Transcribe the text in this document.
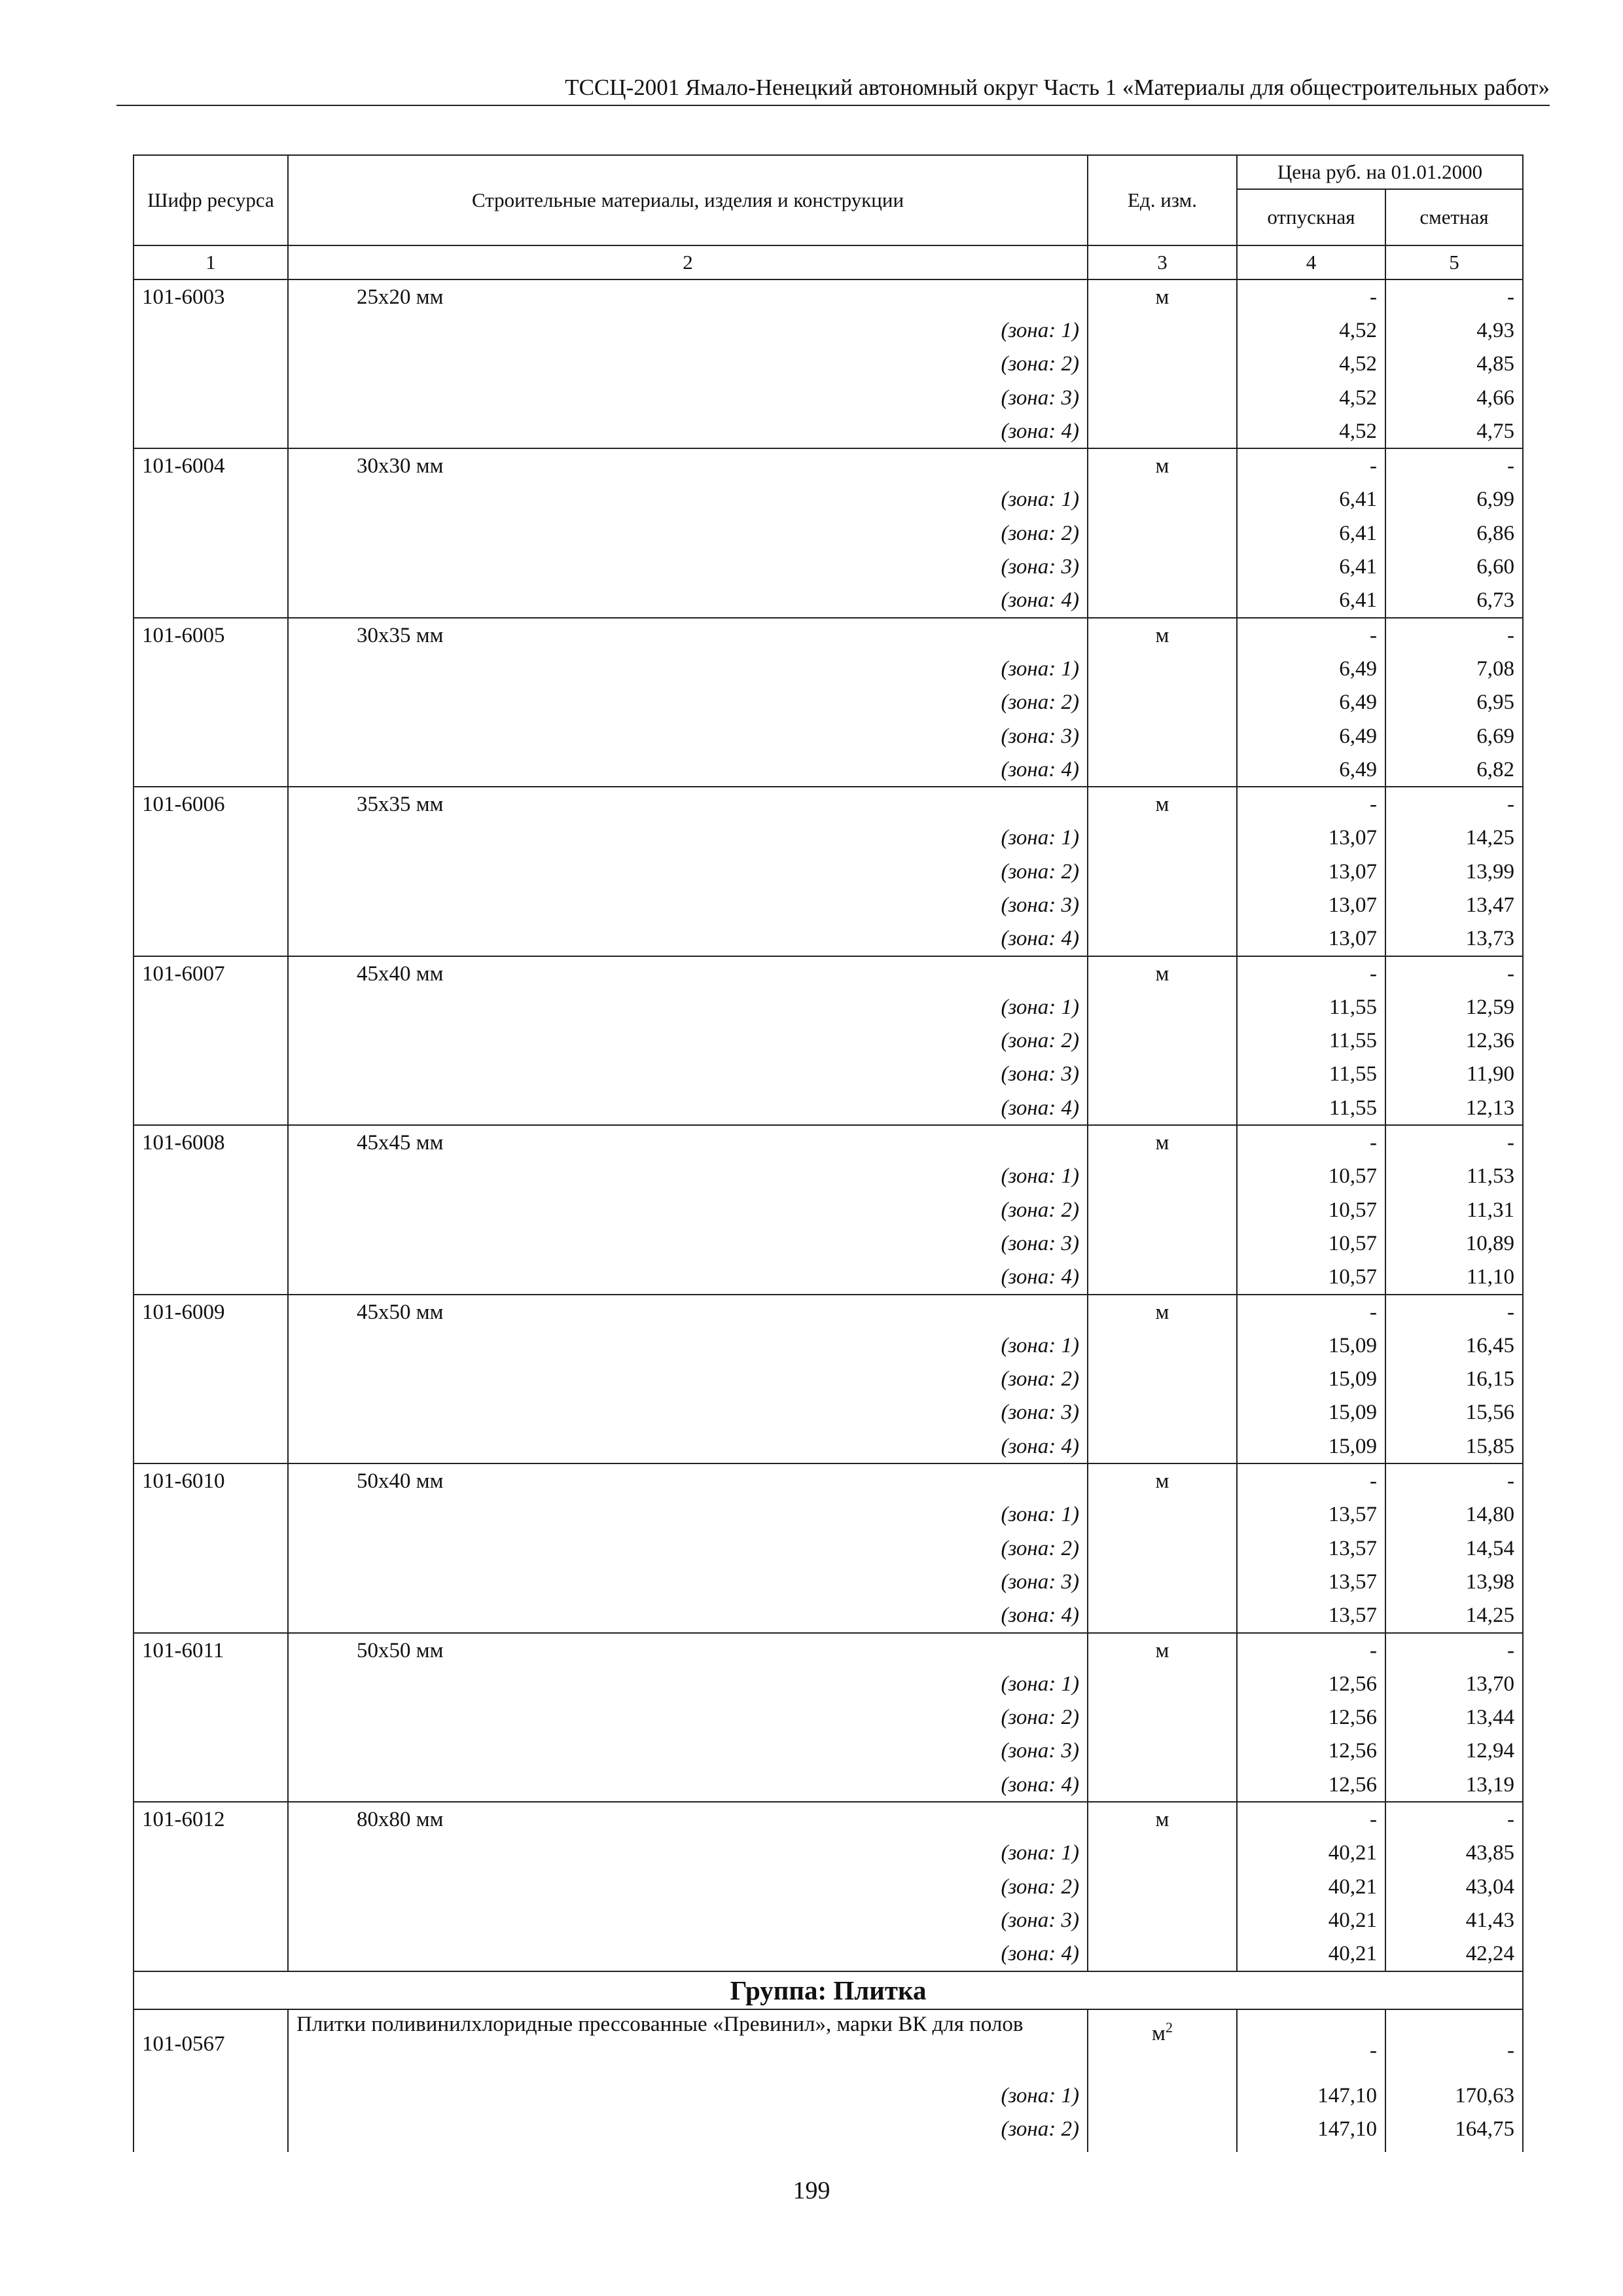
ТССЦ-2001 Ямало-Ненецкий автономный округ Часть 1 «Материалы для общестроительных работ»
Шифр ресурса	Строительные материалы, изделия и конструкции	Ед. изм.	Цена руб. на 01.01.2000	
			отпускная	сметная
1	2	3	4	5
101-6003	25x20 мм	м	-	-
	(зона: 1)		4,52	4,93
	(зона: 2)		4,52	4,85
	(зона: 3)		4,52	4,66
	(зона: 4)		4,52	4,75
101-6004	30x30 мм	м	-	-
	(зона: 1)		6,41	6,99
	(зона: 2)		6,41	6,86
	(зона: 3)		6,41	6,60
	(зона: 4)		6,41	6,73
101-6005	30x35 мм	м	-	-
	(зона: 1)		6,49	7,08
	(зона: 2)		6,49	6,95
	(зона: 3)		6,49	6,69
	(зона: 4)		6,49	6,82
101-6006	35x35 мм	м	-	-
	(зона: 1)		13,07	14,25
	(зона: 2)		13,07	13,99
	(зона: 3)		13,07	13,47
	(зона: 4)		13,07	13,73
101-6007	45x40 мм	м	-	-
	(зона: 1)		11,55	12,59
	(зона: 2)		11,55	12,36
	(зона: 3)		11,55	11,90
	(зона: 4)		11,55	12,13
101-6008	45x45 мм	м	-	-
	(зона: 1)		10,57	11,53
	(зона: 2)		10,57	11,31
	(зона: 3)		10,57	10,89
	(зона: 4)		10,57	11,10
101-6009	45x50 мм	м	-	-
	(зона: 1)		15,09	16,45
	(зона: 2)		15,09	16,15
	(зона: 3)		15,09	15,56
	(зона: 4)		15,09	15,85
101-6010	50x40 мм	м	-	-
	(зона: 1)		13,57	14,80
	(зона: 2)		13,57	14,54
	(зона: 3)		13,57	13,98
	(зона: 4)		13,57	14,25
101-6011	50x50 мм	м	-	-
	(зона: 1)		12,56	13,70
	(зона: 2)		12,56	13,44
	(зона: 3)		12,56	12,94
	(зона: 4)		12,56	13,19
101-6012	80x80 мм	м	-	-
	(зона: 1)		40,21	43,85
	(зона: 2)		40,21	43,04
	(зона: 3)		40,21	41,43
	(зона: 4)		40,21	42,24
Группа: Плитка				
101-0567	Плитки поливинилхлоридные прессованные «Превинил», марки ВК для полов	$м^2$	-	-
	(зона: 1)		147,10	170,63
	(зона: 2)		147,10	164,75
199
